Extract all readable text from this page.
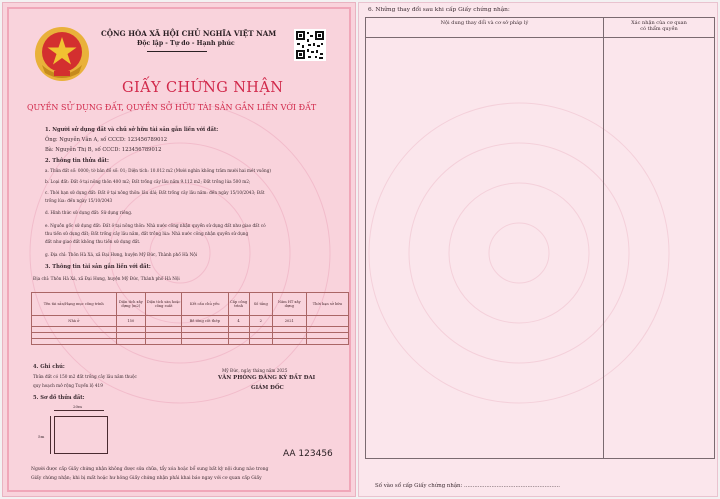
CỘNG HÒA XÃ HỘI CHỦ NGHĨA VIỆT NAM
Độc lập - Tự do - Hạnh phúc
GIẤY CHỨNG NHẬN
QUYỀN SỬ DỤNG ĐẤT, QUYỀN SỞ HỮU TÀI SẢN GẮN LIỀN VỚI ĐẤT
1. Người sử dụng đất và chủ sở hữu tài sản gắn liền với đất:
Ông: Nguyễn Văn A, số CCCD: 123456789012
Bà: Nguyễn Thị B, số CCCD: 123456789012
2. Thông tin thửa đất:
a. Thửa đất số: 0000; tờ bản đồ số: 01; Diện tích: 10.012 m2 (Mười nghìn không trăm mười hai mét vuông)
b. Loại đất: Đất ở tại nông thôn 400 m2; Đất trồng cây lâu năm 9.112 m2; Đất trồng lúa 500 m2;
c. Thời hạn sử dụng đất: Đất ở tại nông thôn: lâu dài; Đất trồng cây lâu năm: đến ngày 15/10/2043; Đất
trồng lúa: đến ngày 15/10/2043
d. Hình thức sử dụng đất: Sử dụng riêng.
e. Nguồn gốc sử dụng đất: Đất ở tại nông thôn: Nhà nước công nhận quyền sử dụng đất như giao đất có
thu tiền sử dụng đất; Đất trồng cây lâu năm, đất trồng lúa: Nhà nước công nhận quyền sử dụng
đất như giao đất không thu tiền sử dụng đất.
g. Địa chỉ: Thôn Hà Xá, xã Đại Hưng, huyện Mỹ Đức, Thành phố Hà Nội
3. Thông tin tài sản gắn liền với đất:
Địa chỉ: Thôn Hà Xá, xã Đại Hưng, huyện Mỹ Đức, Thành phố Hà Nội
Tên tài sản/Hạng mục công trình	Diện tích xây dựng (m2)	Diện tích sàn hoặc công suất	Kết cấu chủ yếu	Cấp công trình	Số tầng	Năm HT xây dựng	Thời hạn sở hữu
Nhà ở	150		Bê tông cốt thép	4	2	2021	

4. Ghi chú:
Thửa đất có 150 m2 đất trồng cây lâu năm thuộc
quy hoạch mở rộng Tuyến lộ 419
Mỹ Đức, ngày tháng năm 2025
VĂN PHÒNG ĐĂNG KÝ ĐẤT ĐAI
GIÁM ĐỐC
5. Sơ đồ thửa đất:
20m
5m
AA 123456
Người được cấp Giấy chứng nhận không được sửa chữa, tẩy xóa hoặc bổ sung bất kỳ nội dung nào trong
Giấy chứng nhận; khi bị mất hoặc hư hỏng Giấy chứng nhận phải khai báo ngay với cơ quan cấp Giấy
6. Những thay đổi sau khi cấp Giấy chứng nhận:
Nội dung thay đổi và cơ sở pháp lý	Xác nhận của cơ quan
có thẩm quyền

Số vào sổ cấp Giấy chứng nhận: ........................................................
